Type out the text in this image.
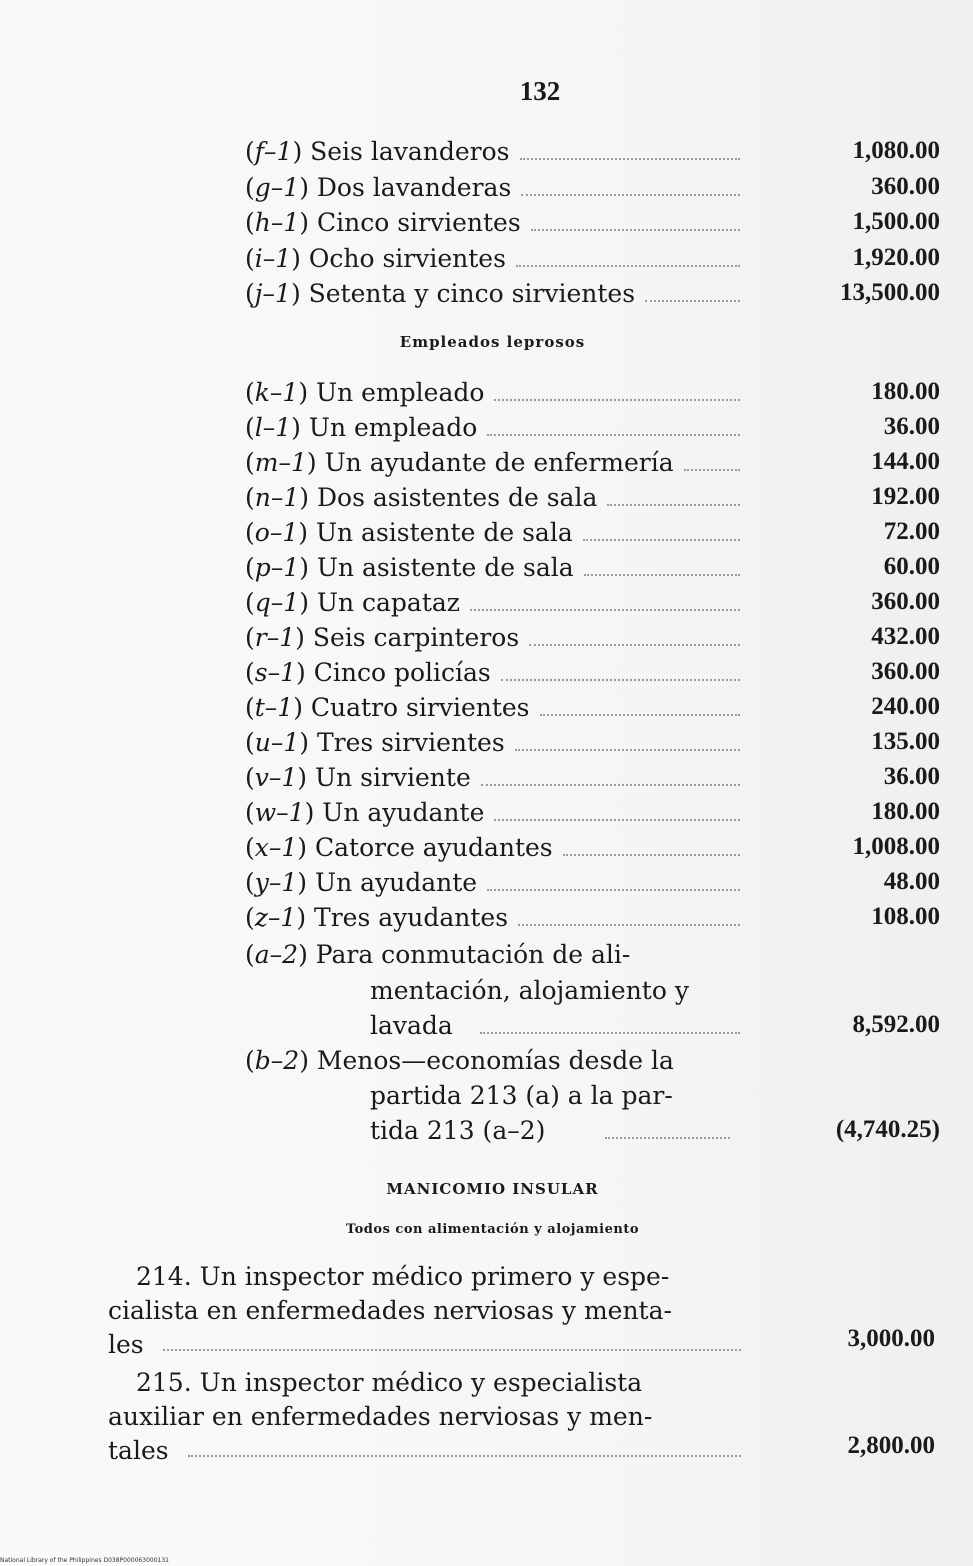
132
(f–1) Seis lavanderos	1,080.00
(g–1) Dos lavanderas	360.00
(h–1) Cinco sirvientes	1,500.00
(i–1) Ocho sirvientes	1,920.00
(j–1) Setenta y cinco sirvientes	13,500.00
Empleados leprosos
(k–1) Un empleado	180.00
(l–1) Un empleado	36.00
(m–1) Un ayudante de enfermería	144.00
(n–1) Dos asistentes de sala	192.00
(o–1) Un asistente de sala	72.00
(p–1) Un asistente de sala	60.00
(q–1) Un capataz	360.00
(r–1) Seis carpinteros	432.00
(s–1) Cinco policías	360.00
(t–1) Cuatro sirvientes	240.00
(u–1) Tres sirvientes	135.00
(v–1) Un sirviente	36.00
(w–1) Un ayudante	180.00
(x–1) Catorce ayudantes	1,008.00
(y–1) Un ayudante	48.00
(z–1) Tres ayudantes	108.00
(a–2) Para conmutación de ali-
mentación, alojamiento y
lavada	8,592.00
(b–2) Menos—economías desde la
partida 213 (a) a la par-
tida 213 (a–2)	(4,740.25)
MANICOMIO INSULAR
Todos con alimentación y alojamiento
214. Un inspector médico primero y espe-
cialista en enfermedades nerviosas y menta-
les	3,000.00
215. Un inspector médico y especialista
auxiliar en enfermedades nerviosas y men-
tales	2,800.00
National Library of the Philippines D038P000063000131
